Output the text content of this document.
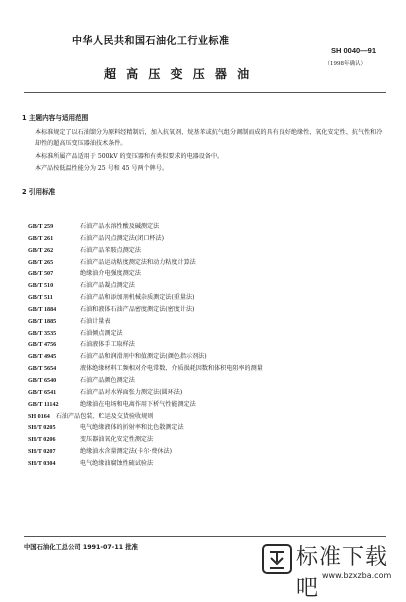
中华人民共和国石油化工行业标准
SH 0040—91
（1998年确认）
超 高 压 变 压 器 油
1 主题内容与适用范围
本标准规定了以石油馏分为原料经精制后，加入抗氧剂、烷基苯或抗气组分调制而成的具有良好绝缘性、氧化安定性、抗气性和冷却性的超高压变压器油技术条件。
本标准所属产品适用于 500kV 的变压器和有类似要求的电器设备中。
本产品按低温性能分为 25 号和 45 号两个牌号。
2 引用标准
GB/T 259	石油产品水溶性酸及碱测定法
GB/T 261	石油产品闪点测定法(闭口杯法)
GB/T 262	石油产品苯胺点测定法
GB/T 265	石油产品运动粘度测定法和动力粘度计算法
GB/T 507	绝缘油介电强度测定法
GB/T 510	石油产品凝点测定法
GB/T 511	石油产品和添加剂机械杂质测定法(重量法)
GB/T 1884	石油和液体石油产品密度测定法(密度计法)
GB/T 1885	石油计量表
GB/T 3535	石油倾点测定法
GB/T 4756	石油液体手工取样法
GB/T 4945	石油产品和润滑剂中和值测定法(颜色指示剂法)
GB/T 5654	液体绝缘材料工频相对介电常数、介质损耗因数和体积电阻率的测量
GB/T 6540	石油产品颜色测定法
GB/T 6541	石油产品对水界面张力测定法(圆环法)
GB/T 11142	绝缘油在电场和电离作用下析气性能测定法
SH 0164 石油产品包装、贮运及交货验收规则
SH/T 0205	电气绝缘液体的折射率和比色散测定法
SH/T 0206	变压器油氧化安定性测定法
SH/T 0207	绝缘油水含量测定法(卡尔·费休法)
SH/T 0304	电气绝缘油腐蚀性硫试验法
中国石油化工总公司 1991-07-11 批准	标准下载吧
www.bzxzba.com
